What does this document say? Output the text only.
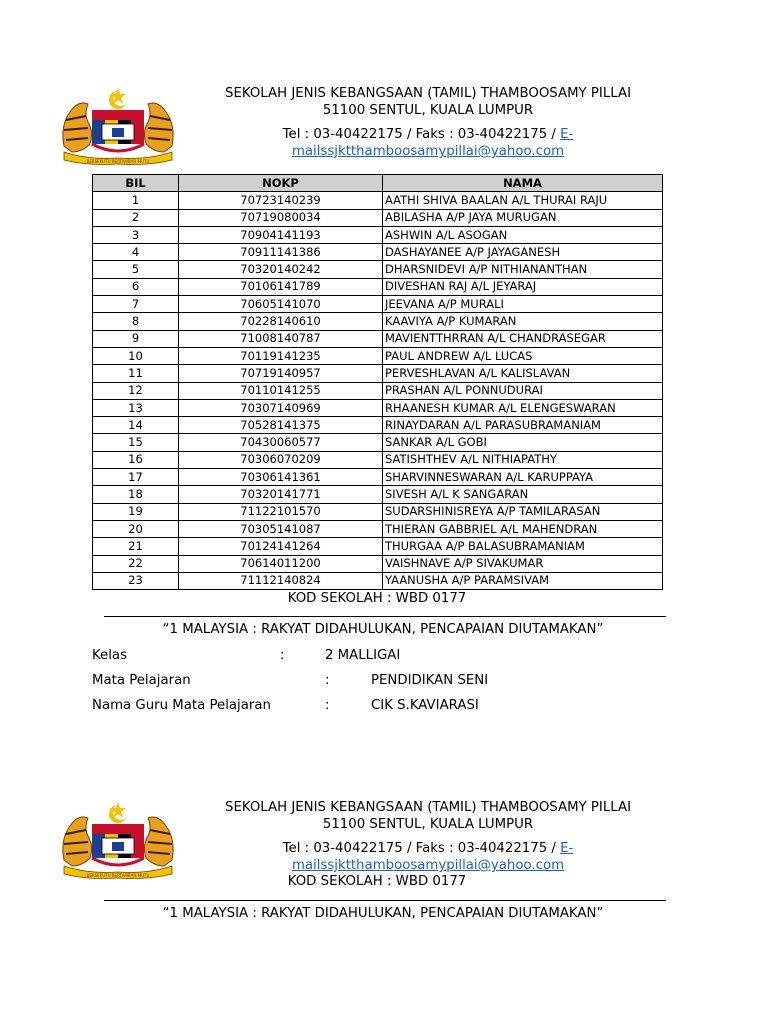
BERSEKUTU BERTAMBAH MUTU
SEKOLAH JENIS KEBANGSAAN (TAMIL) THAMBOOSAMY PILLAI
51100 SENTUL, KUALA LUMPUR
Tel : 03-40422175 / Faks : 03-40422175 / E-
mailssjktthamboosamypillai@yahoo.com
BIL	NOKP	NAMA
1	70723140239	AATHI SHIVA BAALAN A/L THURAI RAJU
2	70719080034	ABILASHA A/P JAYA MURUGAN
3	70904141193	ASHWIN A/L ASOGAN
4	70911141386	DASHAYANEE A/P JAYAGANESH
5	70320140242	DHARSNIDEVI A/P NITHIANANTHAN
6	70106141789	DIVESHAN RAJ A/L JEYARAJ
7	70605141070	JEEVANA A/P MURALI
8	70228140610	KAAVIYA A/P KUMARAN
9	71008140787	MAVIENTTHRRAN A/L CHANDRASEGAR
10	70119141235	PAUL ANDREW A/L LUCAS
11	70719140957	PERVESHLAVAN A/L KALISLAVAN
12	70110141255	PRASHAN A/L PONNUDURAI
13	70307140969	RHAANESH KUMAR A/L ELENGESWARAN
14	70528141375	RINAYDARAN A/L PARASUBRAMANIAM
15	70430060577	SANKAR A/L GOBI
16	70306070209	SATISHTHEV A/L NITHIAPATHY
17	70306141361	SHARVINNESWARAN A/L KARUPPAYA
18	70320141771	SIVESH A/L K SANGARAN
19	71122101570	SUDARSHINISREYA A/P TAMILARASAN
20	70305141087	THIERAN GABBRIEL A/L MAHENDRAN
21	70124141264	THURGAA A/P BALASUBRAMANIAM
22	70614011200	VAISHNAVE A/P SIVAKUMAR
23	71112140824	YAANUSHA A/P PARAMSIVAM
KOD SEKOLAH : WBD 0177
“1 MALAYSIA : RAKYAT DIDAHULUKAN, PENCAPAIAN DIUTAMAKAN”
Kelas	:	2 MALLIGAI
Mata Pelajaran	:	PENDIDIKAN SENI
Nama Guru Mata Pelajaran	:	CIK S.KAVIARASI
BERSEKUTU BERTAMBAH MUTU
SEKOLAH JENIS KEBANGSAAN (TAMIL) THAMBOOSAMY PILLAI
51100 SENTUL, KUALA LUMPUR
Tel : 03-40422175 / Faks : 03-40422175 / E-
mailssjktthamboosamypillai@yahoo.com
KOD SEKOLAH : WBD 0177
“1 MALAYSIA : RAKYAT DIDAHULUKAN, PENCAPAIAN DIUTAMAKAN”
